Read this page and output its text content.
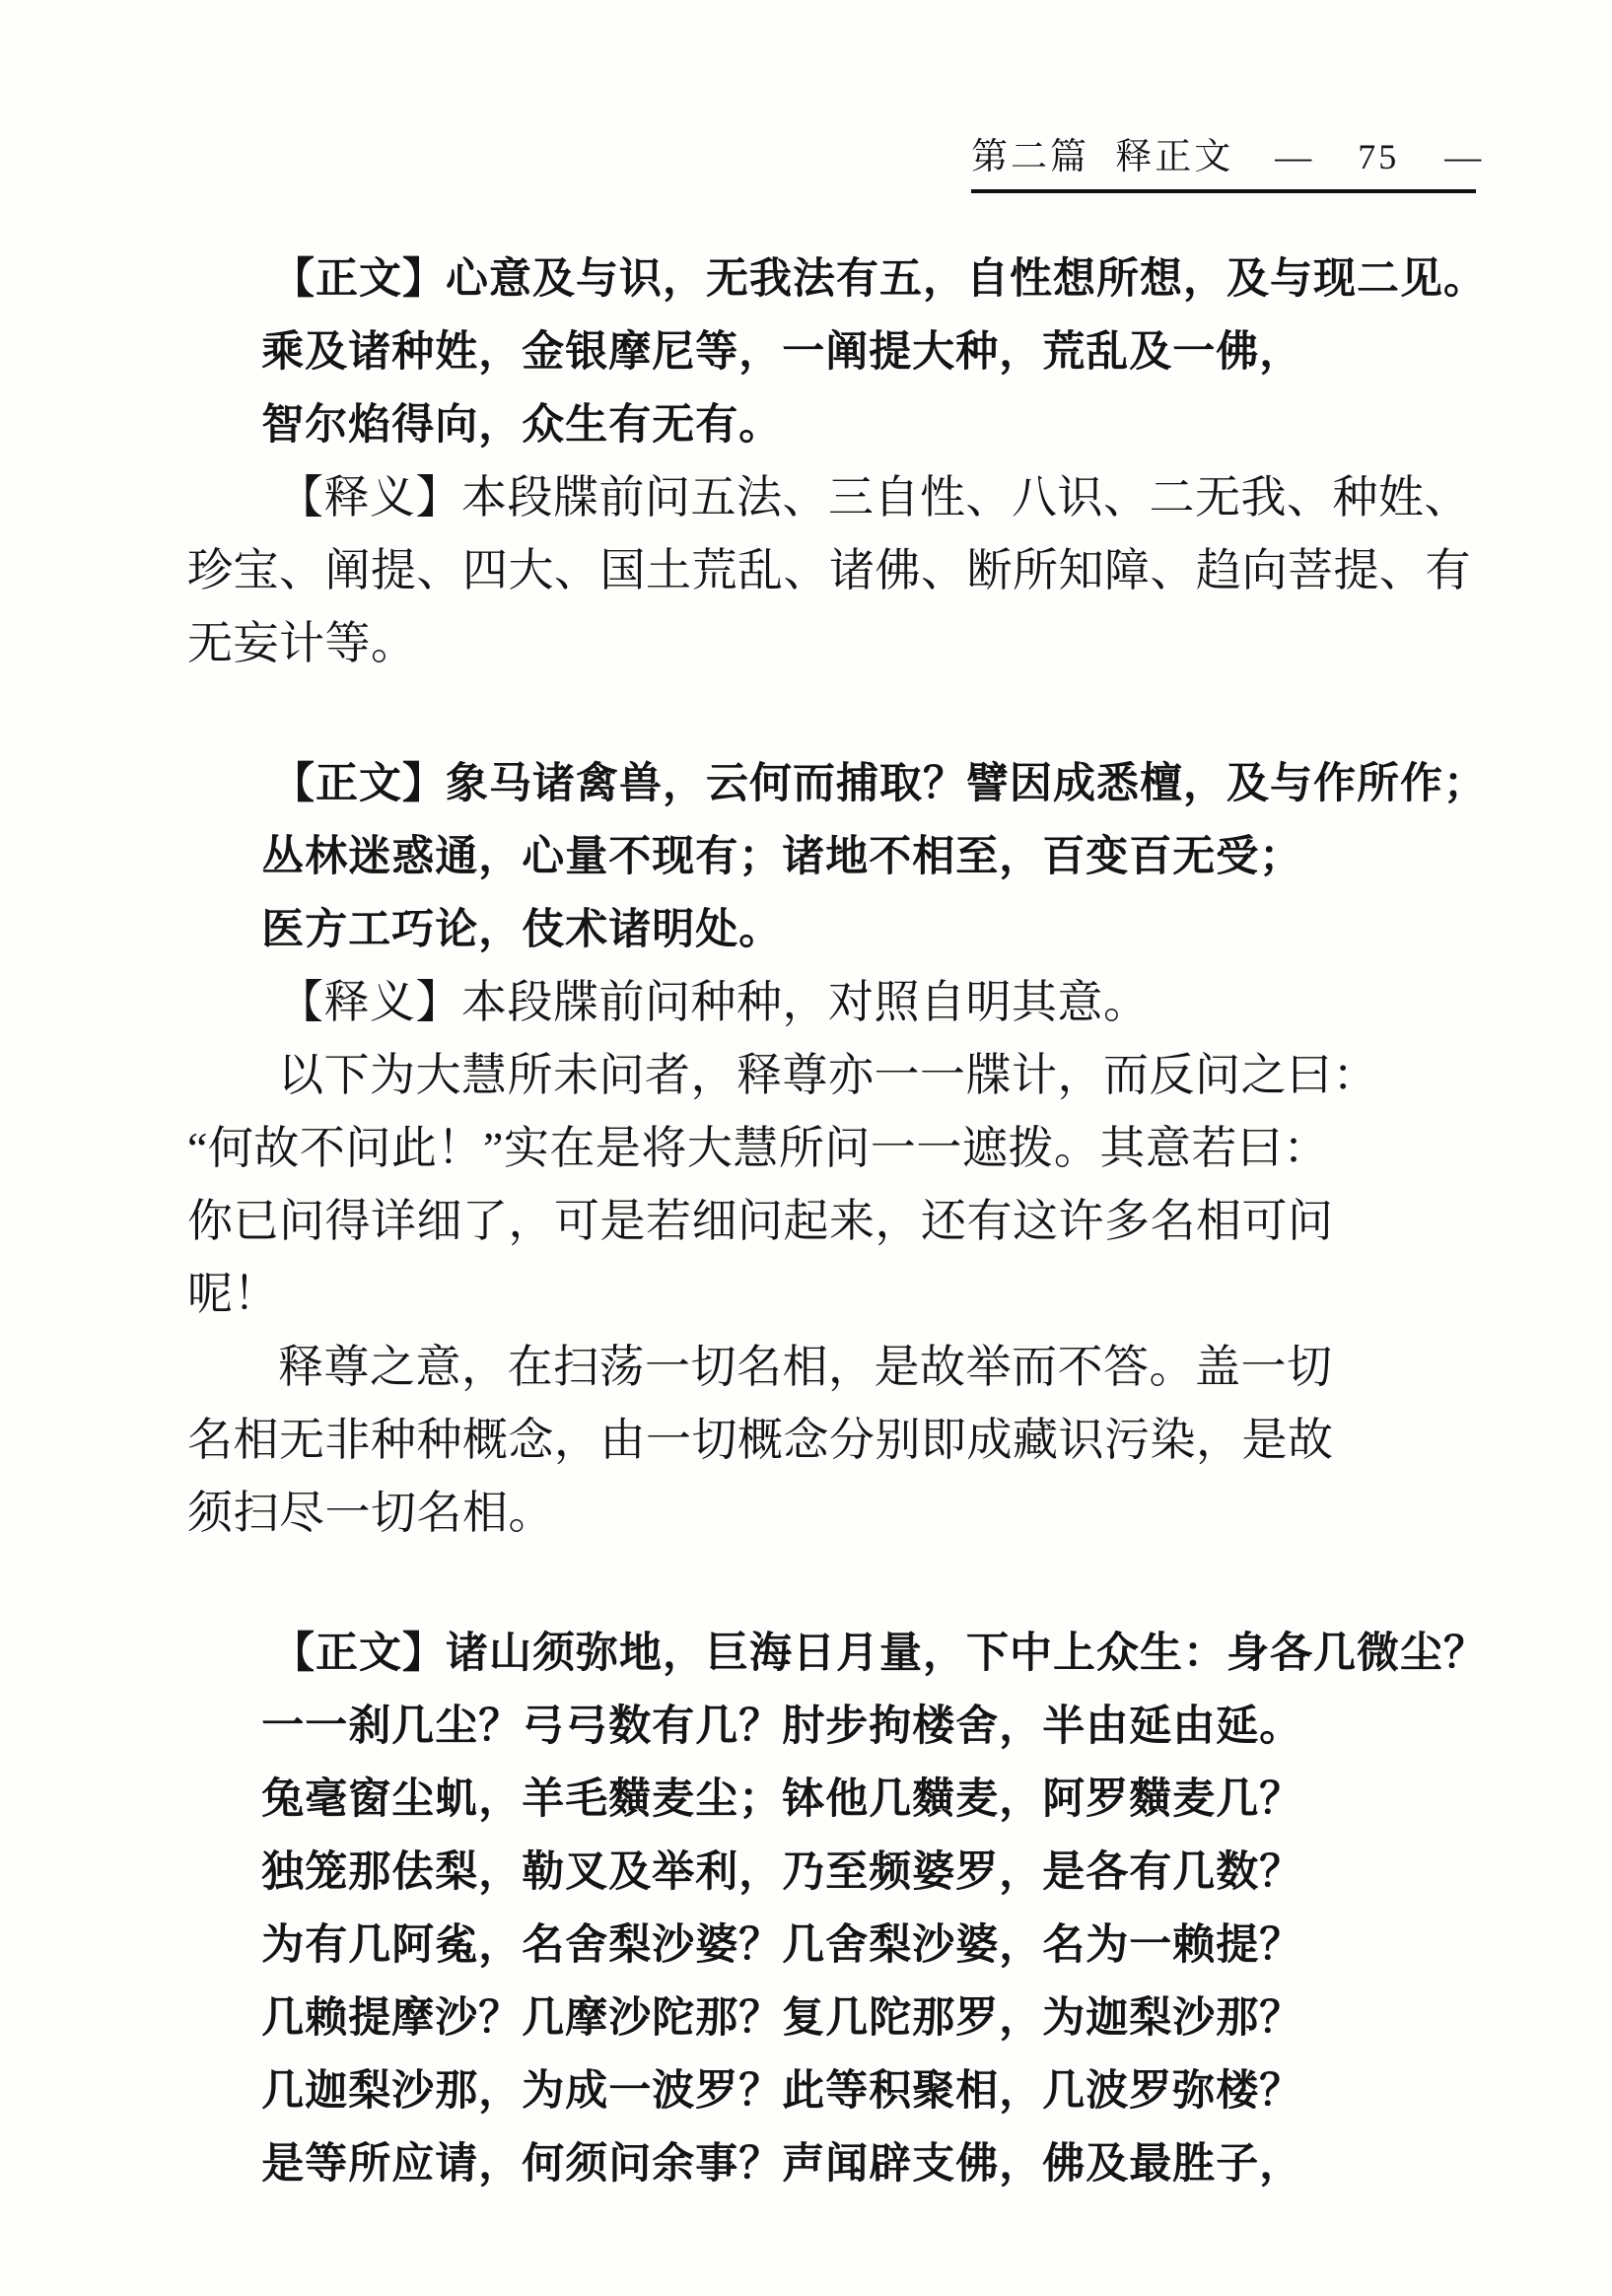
第二篇 释正文 — 75 —
【正文】心意及与识，无我法有五，自性想所想，及与现二见。
乘及诸种姓，金银摩尼等，一阐提大种，荒乱及一佛，
智尔焰得向，众生有无有。
【释义】本段牒前问五法、三自性、八识、二无我、种姓、
珍宝、阐提、四大、国土荒乱、诸佛、断所知障、趋向菩提、有
无妄计等。
【正文】象马诸禽兽，云何而捕取？譬因成悉檀，及与作所作；
丛林迷惑通，心量不现有；诸地不相至，百变百无受；
医方工巧论，伎术诸明处。
【释义】本段牒前问种种，对照自明其意。
以下为大慧所未问者，释尊亦一一牒计，而反问之曰：
“何故不问此！”实在是将大慧所问一一遮拨。其意若曰：
你已问得详细了，可是若细问起来，还有这许多名相可问
呢！
释尊之意，在扫荡一切名相，是故举而不答。盖一切
名相无非种种概念，由一切概念分别即成藏识污染，是故
须扫尽一切名相。
【正文】诸山须弥地，巨海日月量，下中上众生：身各几微尘？
一一刹几尘？弓弓数有几？肘步拘楼舍，半由延由延。
兔毫窗尘虮，羊毛䵃麦尘；钵他几䵃麦，阿罗䵃麦几？
独笼那佉梨，勒叉及举利，乃至频婆罗，是各有几数？
为有几阿㝹，名舍梨沙婆？几舍梨沙婆，名为一赖提？
几赖提摩沙？几摩沙陀那？复几陀那罗，为迦梨沙那？
几迦梨沙那，为成一波罗？此等积聚相，几波罗弥楼？
是等所应请，何须问余事？声闻辟支佛，佛及最胜子，
